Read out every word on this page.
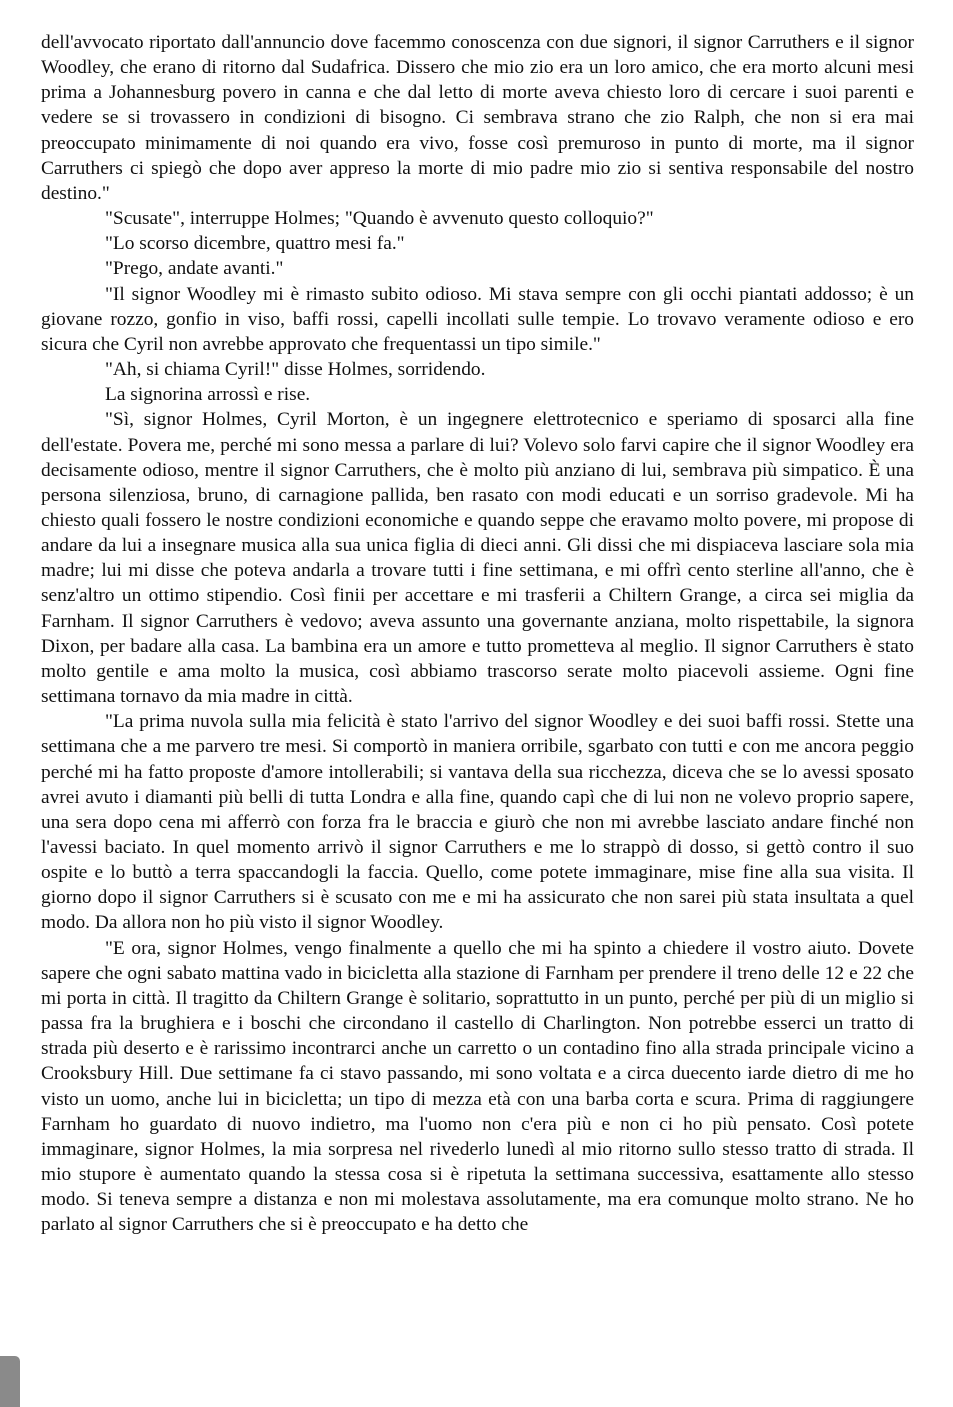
dell'avvocato riportato dall'annuncio dove facemmo conoscenza con due signori, il signor Carruthers e il signor Woodley, che erano di ritorno dal Sudafrica. Dissero che mio zio era un loro amico, che era morto alcuni mesi prima a Johannesburg povero in canna e che dal letto di morte aveva chiesto loro di cercare i suoi parenti e vedere se si trovassero in condizioni di bisogno. Ci sembrava strano che zio Ralph, che non si era mai preoccupato minimamente di noi quando era vivo, fosse così premuroso in punto di morte, ma il signor Carruthers ci spiegò che dopo aver appreso la morte di mio padre mio zio si sentiva responsabile del nostro destino."

"Scusate", interruppe Holmes; "Quando è avvenuto questo colloquio?"

"Lo scorso dicembre, quattro mesi fa."

"Prego, andate avanti."

"Il signor Woodley mi è rimasto subito odioso. Mi stava sempre con gli occhi piantati addosso; è un giovane rozzo, gonfio in viso, baffi rossi, capelli incollati sulle tempie. Lo trovavo veramente odioso e ero sicura che Cyril non avrebbe approvato che frequentassi un tipo simile."

"Ah, si chiama Cyril!" disse Holmes, sorridendo.

La signorina arrossì e rise.

"Sì, signor Holmes, Cyril Morton, è un ingegnere elettrotecnico e speriamo di sposarci alla fine dell'estate. Povera me, perché mi sono messa a parlare di lui? Volevo solo farvi capire che il signor Woodley era decisamente odioso, mentre il signor Carruthers, che è molto più anziano di lui, sembrava più simpatico. È una persona silenziosa, bruno, di carnagione pallida, ben rasato con modi educati e un sorriso gradevole. Mi ha chiesto quali fossero le nostre condizioni economiche e quando seppe che eravamo molto povere, mi propose di andare da lui a insegnare musica alla sua unica figlia di dieci anni. Gli dissi che mi dispiaceva lasciare sola mia madre; lui mi disse che poteva andarla a trovare tutti i fine settimana, e mi offrì cento sterline all'anno, che è senz'altro un ottimo stipendio. Così finii per accettare e mi trasferii a Chiltern Grange, a circa sei miglia da Farnham. Il signor Carruthers è vedovo; aveva assunto una governante anziana, molto rispettabile, la signora Dixon, per badare alla casa. La bambina era un amore e tutto prometteva al meglio. Il signor Carruthers è stato molto gentile e ama molto la musica, così abbiamo trascorso serate molto piacevoli assieme. Ogni fine settimana tornavo da mia madre in città.

"La prima nuvola sulla mia felicità è stato l'arrivo del signor Woodley e dei suoi baffi rossi. Stette una settimana che a me parvero tre mesi. Si comportò in maniera orribile, sgarbato con tutti e con me ancora peggio perché mi ha fatto proposte d'amore intollerabili; si vantava della sua ricchezza, diceva che se lo avessi sposato avrei avuto i diamanti più belli di tutta Londra e alla fine, quando capì che di lui non ne volevo proprio sapere, una sera dopo cena mi afferrò con forza fra le braccia e giurò che non mi avrebbe lasciato andare finché non l'avessi baciato. In quel momento arrivò il signor Carruthers e me lo strappò di dosso, si gettò contro il suo ospite e lo buttò a terra spaccandogli la faccia. Quello, come potete immaginare, mise fine alla sua visita. Il giorno dopo il signor Carruthers si è scusato con me e mi ha assicurato che non sarei più stata insultata a quel modo. Da allora non ho più visto il signor Woodley.

"E ora, signor Holmes, vengo finalmente a quello che mi ha spinto a chiedere il vostro aiuto. Dovete sapere che ogni sabato mattina vado in bicicletta alla stazione di Farnham per prendere il treno delle 12 e 22 che mi porta in città. Il tragitto da Chiltern Grange è solitario, soprattutto in un punto, perché per più di un miglio si passa fra la brughiera e i boschi che circondano il castello di Charlington. Non potrebbe esserci un tratto di strada più deserto e è rarissimo incontrarci anche un carretto o un contadino fino alla strada principale vicino a Crooksbury Hill. Due settimane fa ci stavo passando, mi sono voltata e a circa duecento iarde dietro di me ho visto un uomo, anche lui in bicicletta; un tipo di mezza età con una barba corta e scura. Prima di raggiungere Farnham ho guardato di nuovo indietro, ma l'uomo non c'era più e non ci ho più pensato. Così potete immaginare, signor Holmes, la mia sorpresa nel rivederlo lunedì al mio ritorno sullo stesso tratto di strada. Il mio stupore è aumentato quando la stessa cosa si è ripetuta la settimana successiva, esattamente allo stesso modo. Si teneva sempre a distanza e non mi molestava assolutamente, ma era comunque molto strano. Ne ho parlato al signor Carruthers che si è preoccupato e ha detto che
